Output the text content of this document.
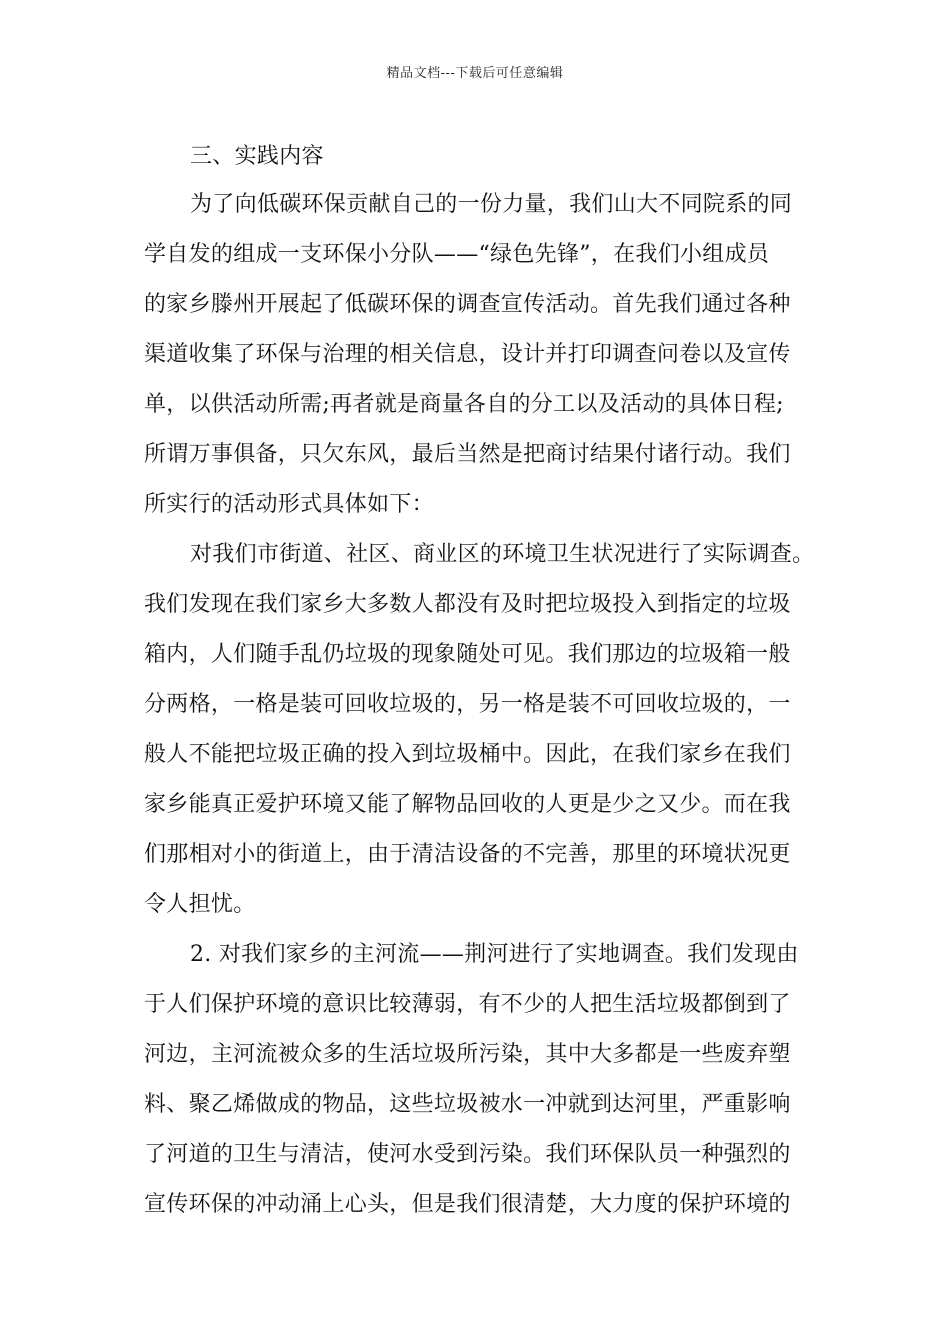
精品文档---下载后可任意编辑
三、实践内容
为了向低碳环保贡献自己的一份力量，我们山大不同院系的同
学自发的组成一支环保小分队——“绿色先锋”，在我们小组成员
的家乡滕州开展起了低碳环保的调查宣传活动。首先我们通过各种
渠道收集了环保与治理的相关信息，设计并打印调查问卷以及宣传
单，以供活动所需;再者就是商量各自的分工以及活动的具体日程;
所谓万事俱备，只欠东风，最后当然是把商讨结果付诸行动。我们
所实行的活动形式具体如下：
对我们市街道、社区、商业区的环境卫生状况进行了实际调查。
我们发现在我们家乡大多数人都没有及时把垃圾投入到指定的垃圾
箱内，人们随手乱仍垃圾的现象随处可见。我们那边的垃圾箱一般
分两格，一格是装可回收垃圾的，另一格是装不可回收垃圾的，一
般人不能把垃圾正确的投入到垃圾桶中。因此，在我们家乡在我们
家乡能真正爱护环境又能了解物品回收的人更是少之又少。而在我
们那相对小的街道上，由于清洁设备的不完善，那里的环境状况更
令人担忧。
2. 对我们家乡的主河流——荆河进行了实地调查。我们发现由
于人们保护环境的意识比较薄弱，有不少的人把生活垃圾都倒到了
河边，主河流被众多的生活垃圾所污染，其中大多都是一些废弃塑
料、聚乙烯做成的物品，这些垃圾被水一冲就到达河里，严重影响
了河道的卫生与清洁，使河水受到污染。我们环保队员一种强烈的
宣传环保的冲动涌上心头，但是我们很清楚，大力度的保护环境的
